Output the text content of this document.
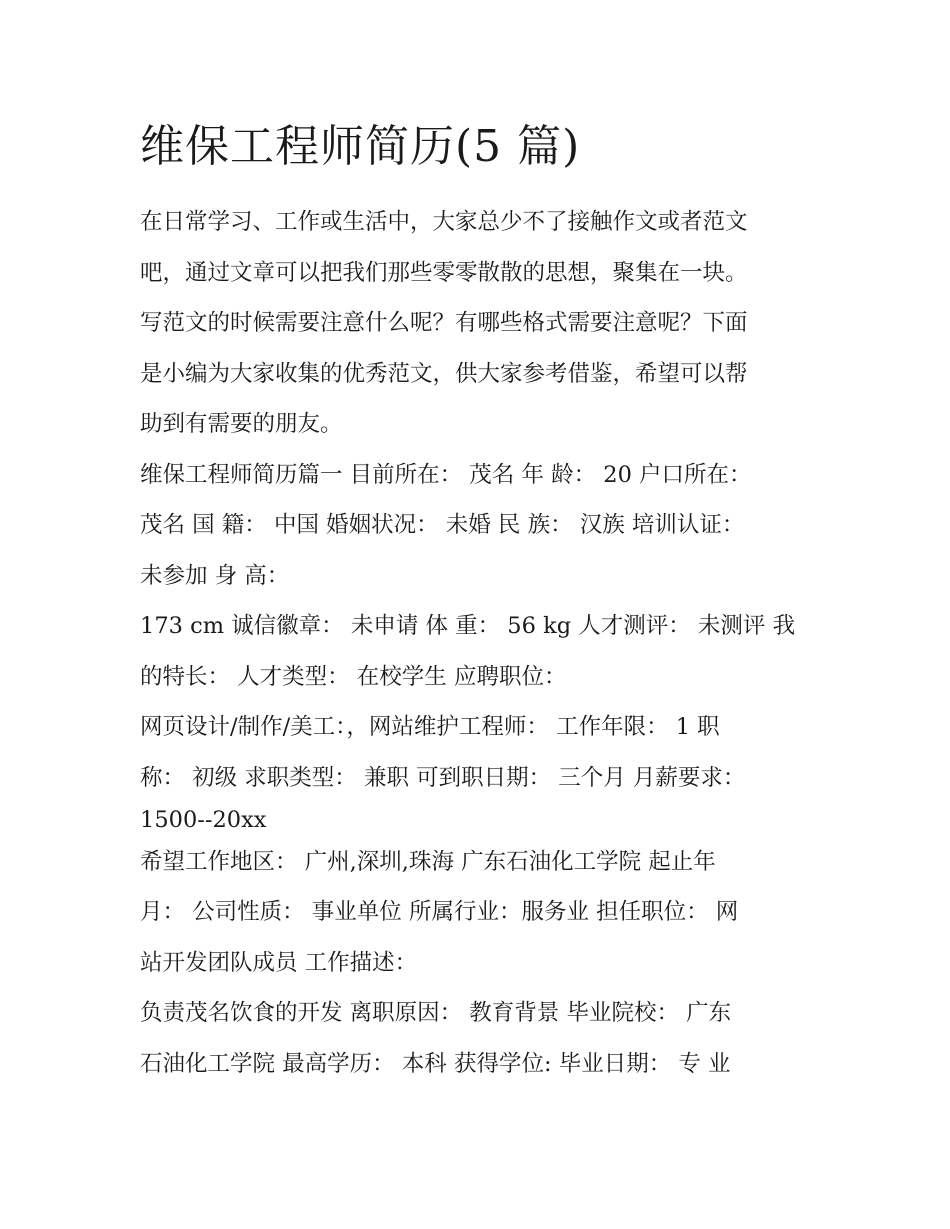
维保工程师简历(5 篇)
在日常学习、工作或生活中，大家总少不了接触作文或者范文
吧，通过文章可以把我们那些零零散散的思想，聚集在一块。
写范文的时候需要注意什么呢？有哪些格式需要注意呢？下面
是小编为大家收集的优秀范文，供大家参考借鉴，希望可以帮
助到有需要的朋友。
维保工程师简历篇一 目前所在： 茂名 年 龄： 20 户口所在：
茂名 国 籍： 中国 婚姻状况： 未婚 民 族： 汉族 培训认证：
未参加 身 高：
173 cm 诚信徽章： 未申请 体 重： 56 kg 人才测评： 未测评 我
的特长： 人才类型： 在校学生 应聘职位：
网页设计/制作/美工：，网站维护工程师： 工作年限： 1 职
称： 初级 求职类型： 兼职 可到职日期： 三个月 月薪要求：
1500--20xx
希望工作地区： 广州,深圳,珠海 广东石油化工学院 起止年
月： 公司性质： 事业单位 所属行业：服务业 担任职位： 网
站开发团队成员 工作描述：
负责茂名饮食的开发 离职原因： 教育背景 毕业院校： 广东
石油化工学院 最高学历： 本科 获得学位: 毕业日期： 专 业
